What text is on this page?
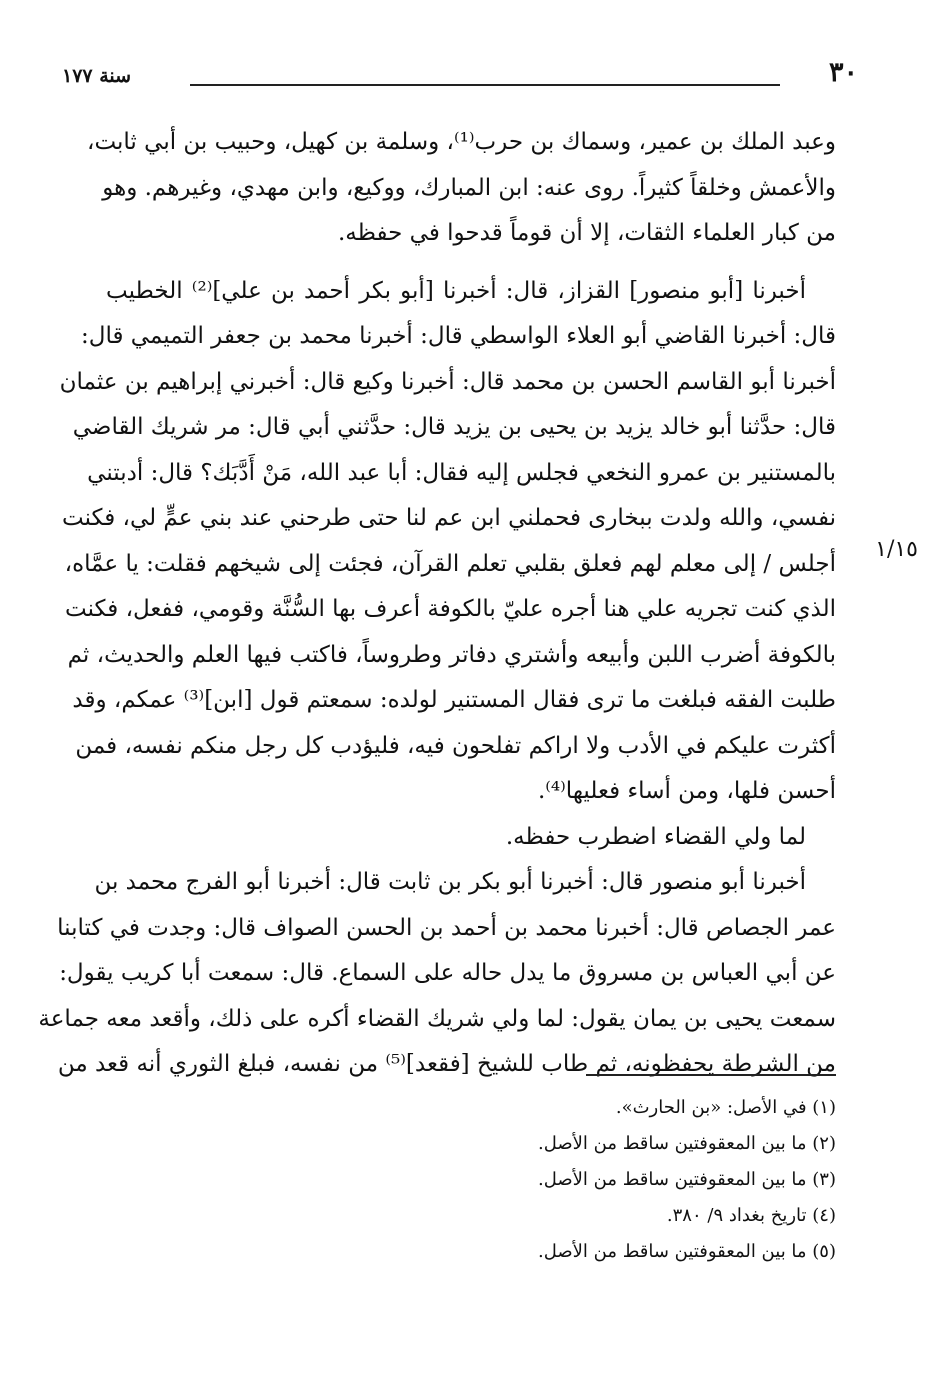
٣٠
سنة ١٧٧
١/١٥
وعبد الملك بن عمير، وسماك بن حرب⁽¹⁾، وسلمة بن كهيل، وحبيب بن أبي ثابت،
والأعمش وخلقاً كثيراً. روى عنه: ابن المبارك، ووكيع، وابن مهدي، وغيرهم. وهو
من كبار العلماء الثقات، إلا أن قوماً قدحوا في حفظه.
أخبرنا [أبو منصور] القزاز، قال: أخبرنا [أبو بكر أحمد بن علي]⁽²⁾ الخطيب
قال: أخبرنا القاضي أبو العلاء الواسطي قال: أخبرنا محمد بن جعفر التميمي قال:
أخبرنا أبو القاسم الحسن بن محمد قال: أخبرنا وكيع قال: أخبرني إبراهيم بن عثمان
قال: حدَّثنا أبو خالد يزيد بن يحيى بن يزيد قال: حدَّثني أبي قال: مر شريك القاضي
بالمستنير بن عمرو النخعي فجلس إليه فقال: أبا عبد الله، مَنْ أَدَّبَك؟ قال: أدبتني
نفسي، والله ولدت ببخارى فحملني ابن عم لنا حتى طرحني عند بني عمٍّ لي، فكنت
أجلس / إلى معلم لهم فعلق بقلبي تعلم القرآن، فجئت إلى شيخهم فقلت: يا عمَّاه،
الذي كنت تجريه علي هنا أجره عليّ بالكوفة أعرف بها السُّنَّة وقومي، ففعل، فكنت
بالكوفة أضرب اللبن وأبيعه وأشتري دفاتر وطروساً، فاكتب فيها العلم والحديث، ثم
طلبت الفقه فبلغت ما ترى فقال المستنير لولده: سمعتم قول [ابن]⁽³⁾ عمكم، وقد
أكثرت عليكم في الأدب ولا اراكم تفلحون فيه، فليؤدب كل رجل منكم نفسه، فمن
أحسن فلها، ومن أساء فعليها⁽⁴⁾.
لما ولي القضاء اضطرب حفظه.
أخبرنا أبو منصور قال: أخبرنا أبو بكر بن ثابت قال: أخبرنا أبو الفرج محمد بن
عمر الجصاص قال: أخبرنا محمد بن أحمد بن الحسن الصواف قال: وجدت في كتابنا
عن أبي العباس بن مسروق ما يدل حاله على السماع. قال: سمعت أبا كريب يقول:
سمعت يحيى بن يمان يقول: لما ولي شريك القضاء أكره على ذلك، وأقعد معه جماعة
من الشرطة يحفظونه، ثم طاب للشيخ [فقعد]⁽⁵⁾ من نفسه، فبلغ الثوري أنه قعد من
(١) في الأصل: «بن الحارث».
(٢) ما بين المعقوفتين ساقط من الأصل.
(٣) ما بين المعقوفتين ساقط من الأصل.
(٤) تاريخ بغداد ٩/ ٣٨٠.
(٥) ما بين المعقوفتين ساقط من الأصل.
